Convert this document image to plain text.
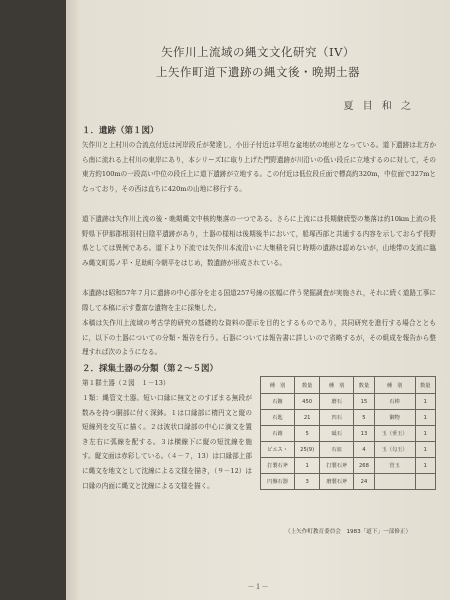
矢作川上流域の縄文文化研究（IV）
上矢作町道下遺跡の縄文後・晩期土器
夏 目 和 之
１．遺跡（第１図）
矢作川と上村川の合流点付近は河岸段丘が発達し，小田子付近は平坦な盆地状の地形となっている。道下遺跡は北方から南に流れる上村川の東岸にあり，本シリーズⅠに取り上げた門野遺跡が川沿いの低い段丘に立地するのに対して，その東方約100mの一段高い中位の段丘上に道下遺跡が立地する。この付近は低位段丘面で標高約320m，中位面で327mとなっており，その西は直ちに420mの山地に移行する。
道下遺跡は矢作川上流の後・晩期縄文中核的集落の一つである。さらに上流には長期継続型の集落は約10km上流の長野県下伊那郡根羽村日陰平遺跡があり，土器の様相は後期後半において，船塚西部と共通する内容を示しておらず長野県としては異例である。道下より下流では矢作川本流沿いに大集積を同じ時期の遺跡は認めないが，山地带の支流に臨み縄文町馬ノ平・足助町今朝平をはじめ，数遺跡が形成されている。
本遺跡は昭和57年７月に遺跡の中心部分を走る国道257号線の拡幅に伴う発掘調査が実施され，それに続く道路工事に際して本稿に示す豊富な遺物を主に採集した。
本稿は矢作川上流域の考古学的研究の基礎的な資料の提示を目的とするものであり，共同研究を進行する場合とともに，以下の土器についての分類・報告を行う。石器については報告書に詳しいので省略するが，その組成を報告から整理すれば次のようになる。
２．採集土器の分類（第２～５図）
第１群土器（２図　１－13）
１類：縄管文土器。短い口縁に無文とのすぼまる無段が数みを持つ胴部に付く深鉢。１は口縁部に楕円文と縦の短線列を交互に描く。２は波状口縁部の中心に滴文を置き左右に弧線を配する。３は横線下に縦の短沈線を施す。縦文面は赤彩している。（４－７，13）は口縁部上部に縄文を地文として沈線による文様を描き，（９－12）は口縁の内面に縄文と沈線による文様を描く。
種　別	数量	種　別	数量	種　別	数量
石鏃	450	磨石	15	石棒	1
石匙	21	凹石	5	御物	1
石錐	5	砥石	13	玉（垂玉）	1
ピエス・	25(9)	石皿	4	玉（勾玉）	1
打製石斧	1	打製石斧	268	管玉	1
円盤石器	3	磨製石斧	24		
（上矢作町教育委員会　1983「道下」一部修正）
－１－
